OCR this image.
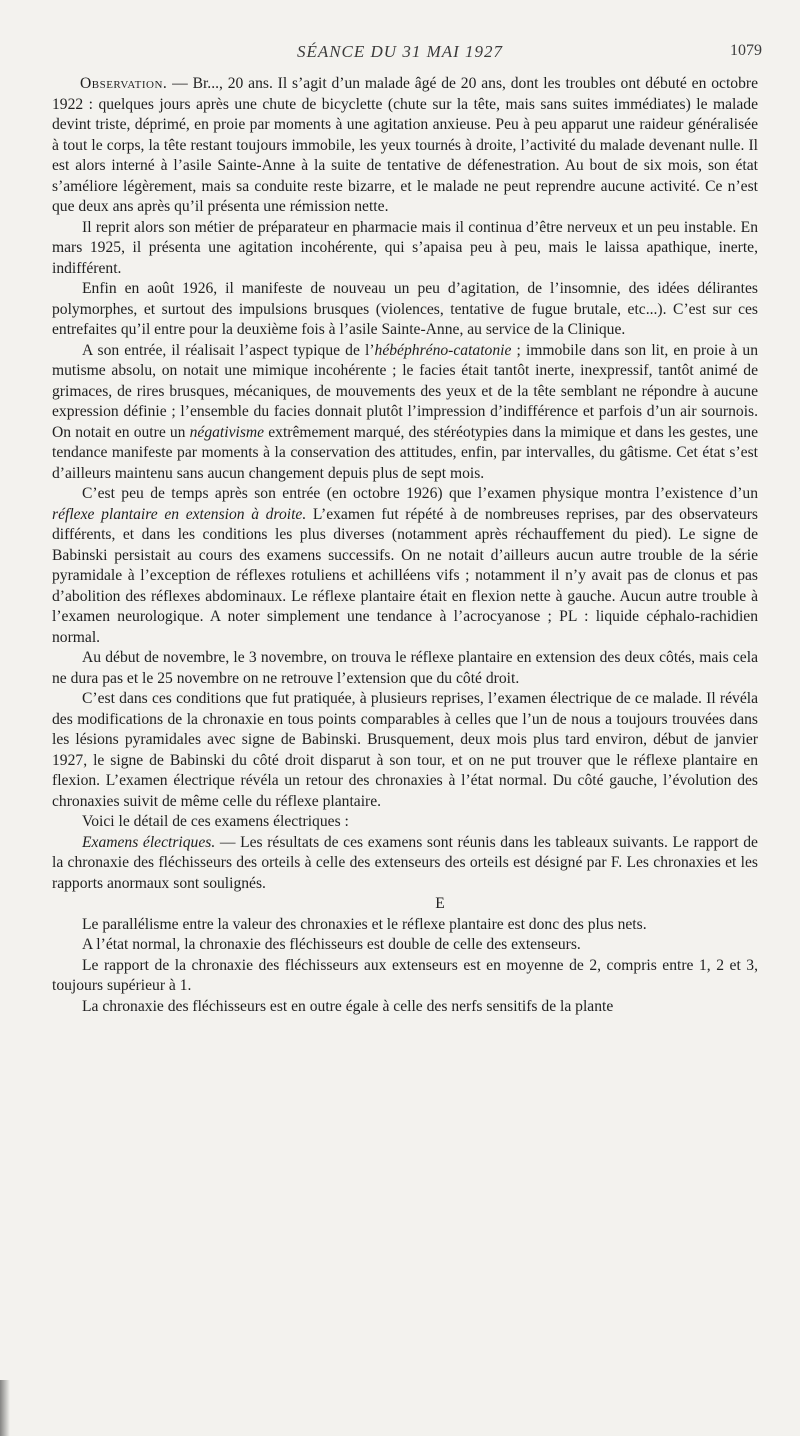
SÉANCE DU 31 MAI 1927	1079

Observation. — Br..., 20 ans. Il s’agit d’un malade âgé de 20 ans, dont les troubles ont débuté en octobre 1922 : quelques jours après une chute de bicyclette (chute sur la tête, mais sans suites immédiates) le malade devint triste, déprimé, en proie par moments à une agitation anxieuse. Peu à peu apparut une raideur généralisée à tout le corps, la tête restant toujours immobile, les yeux tournés à droite, l’activité du malade devenant nulle. Il est alors interné à l’asile Sainte-Anne à la suite de tentative de défenestration. Au bout de six mois, son état s’améliore légèrement, mais sa conduite reste bizarre, et le malade ne peut reprendre aucune activité. Ce n’est que deux ans après qu’il présenta une rémission nette.

Il reprit alors son métier de préparateur en pharmacie mais il continua d’être nerveux et un peu instable. En mars 1925, il présenta une agitation incohérente, qui s’apaisa peu à peu, mais le laissa apathique, inerte, indifférent.

Enfin en août 1926, il manifeste de nouveau un peu d’agitation, de l’insomnie, des idées délirantes polymorphes, et surtout des impulsions brusques (violences, tentative de fugue brutale, etc...). C’est sur ces entrefaites qu’il entre pour la deuxième fois à l’asile Sainte-Anne, au service de la Clinique.

A son entrée, il réalisait l’aspect typique de l’hébéphréno-catatonie ; immobile dans son lit, en proie à un mutisme absolu, on notait une mimique incohérente ; le facies était tantôt inerte, inexpressif, tantôt animé de grimaces, de rires brusques, mécaniques, de mouvements des yeux et de la tête semblant ne répondre à aucune expression définie ; l’ensemble du facies donnait plutôt l’impression d’indifférence et parfois d’un air sournois. On notait en outre un négativisme extrêmement marqué, des stéréotypies dans la mimique et dans les gestes, une tendance manifeste par moments à la conservation des attitudes, enfin, par intervalles, du gâtisme. Cet état s’est d’ailleurs maintenu sans aucun changement depuis plus de sept mois.

C’est peu de temps après son entrée (en octobre 1926) que l’examen physique montra l’existence d’un réflexe plantaire en extension à droite. L’examen fut répété à de nombreuses reprises, par des observateurs différents, et dans les conditions les plus diverses (notamment après réchauffement du pied). Le signe de Babinski persistait au cours des examens successifs. On ne notait d’ailleurs aucun autre trouble de la série pyramidale à l’exception de réflexes rotuliens et achilléens vifs ; notamment il n’y avait pas de clonus et pas d’abolition des réflexes abdominaux. Le réflexe plantaire était en flexion nette à gauche. Aucun autre trouble à l’examen neurologique. A noter simplement une tendance à l’acrocyanose ; PL : liquide céphalo-rachidien normal.

Au début de novembre, le 3 novembre, on trouva le réflexe plantaire en extension des deux côtés, mais cela ne dura pas et le 25 novembre on ne retrouve l’extension que du côté droit.

C’est dans ces conditions que fut pratiquée, à plusieurs reprises, l’examen électrique de ce malade. Il révéla des modifications de la chronaxie en tous points comparables à celles que l’un de nous a toujours trouvées dans les lésions pyramidales avec signe de Babinski. Brusquement, deux mois plus tard environ, début de janvier 1927, le signe de Babinski du côté droit disparut à son tour, et on ne put trouver que le réflexe plantaire en flexion. L’examen électrique révéla un retour des chronaxies à l’état normal. Du côté gauche, l’évolution des chronaxies suivit de même celle du réflexe plantaire.

Voici le détail de ces examens électriques :

Examens électriques. — Les résultats de ces examens sont réunis dans les tableaux suivants. Le rapport de la chronaxie des fléchisseurs des orteils à celle des extenseurs des orteils est désigné par F. Les chronaxies et les rapports anormaux sont soulignés.

E

Le parallélisme entre la valeur des chronaxies et le réflexe plantaire est donc des plus nets.

A l’état normal, la chronaxie des fléchisseurs est double de celle des extenseurs.

Le rapport de la chronaxie des fléchisseurs aux extenseurs est en moyenne de 2, compris entre 1, 2 et 3, toujours supérieur à 1.

La chronaxie des fléchisseurs est en outre égale à celle des nerfs sensitifs de la plante
